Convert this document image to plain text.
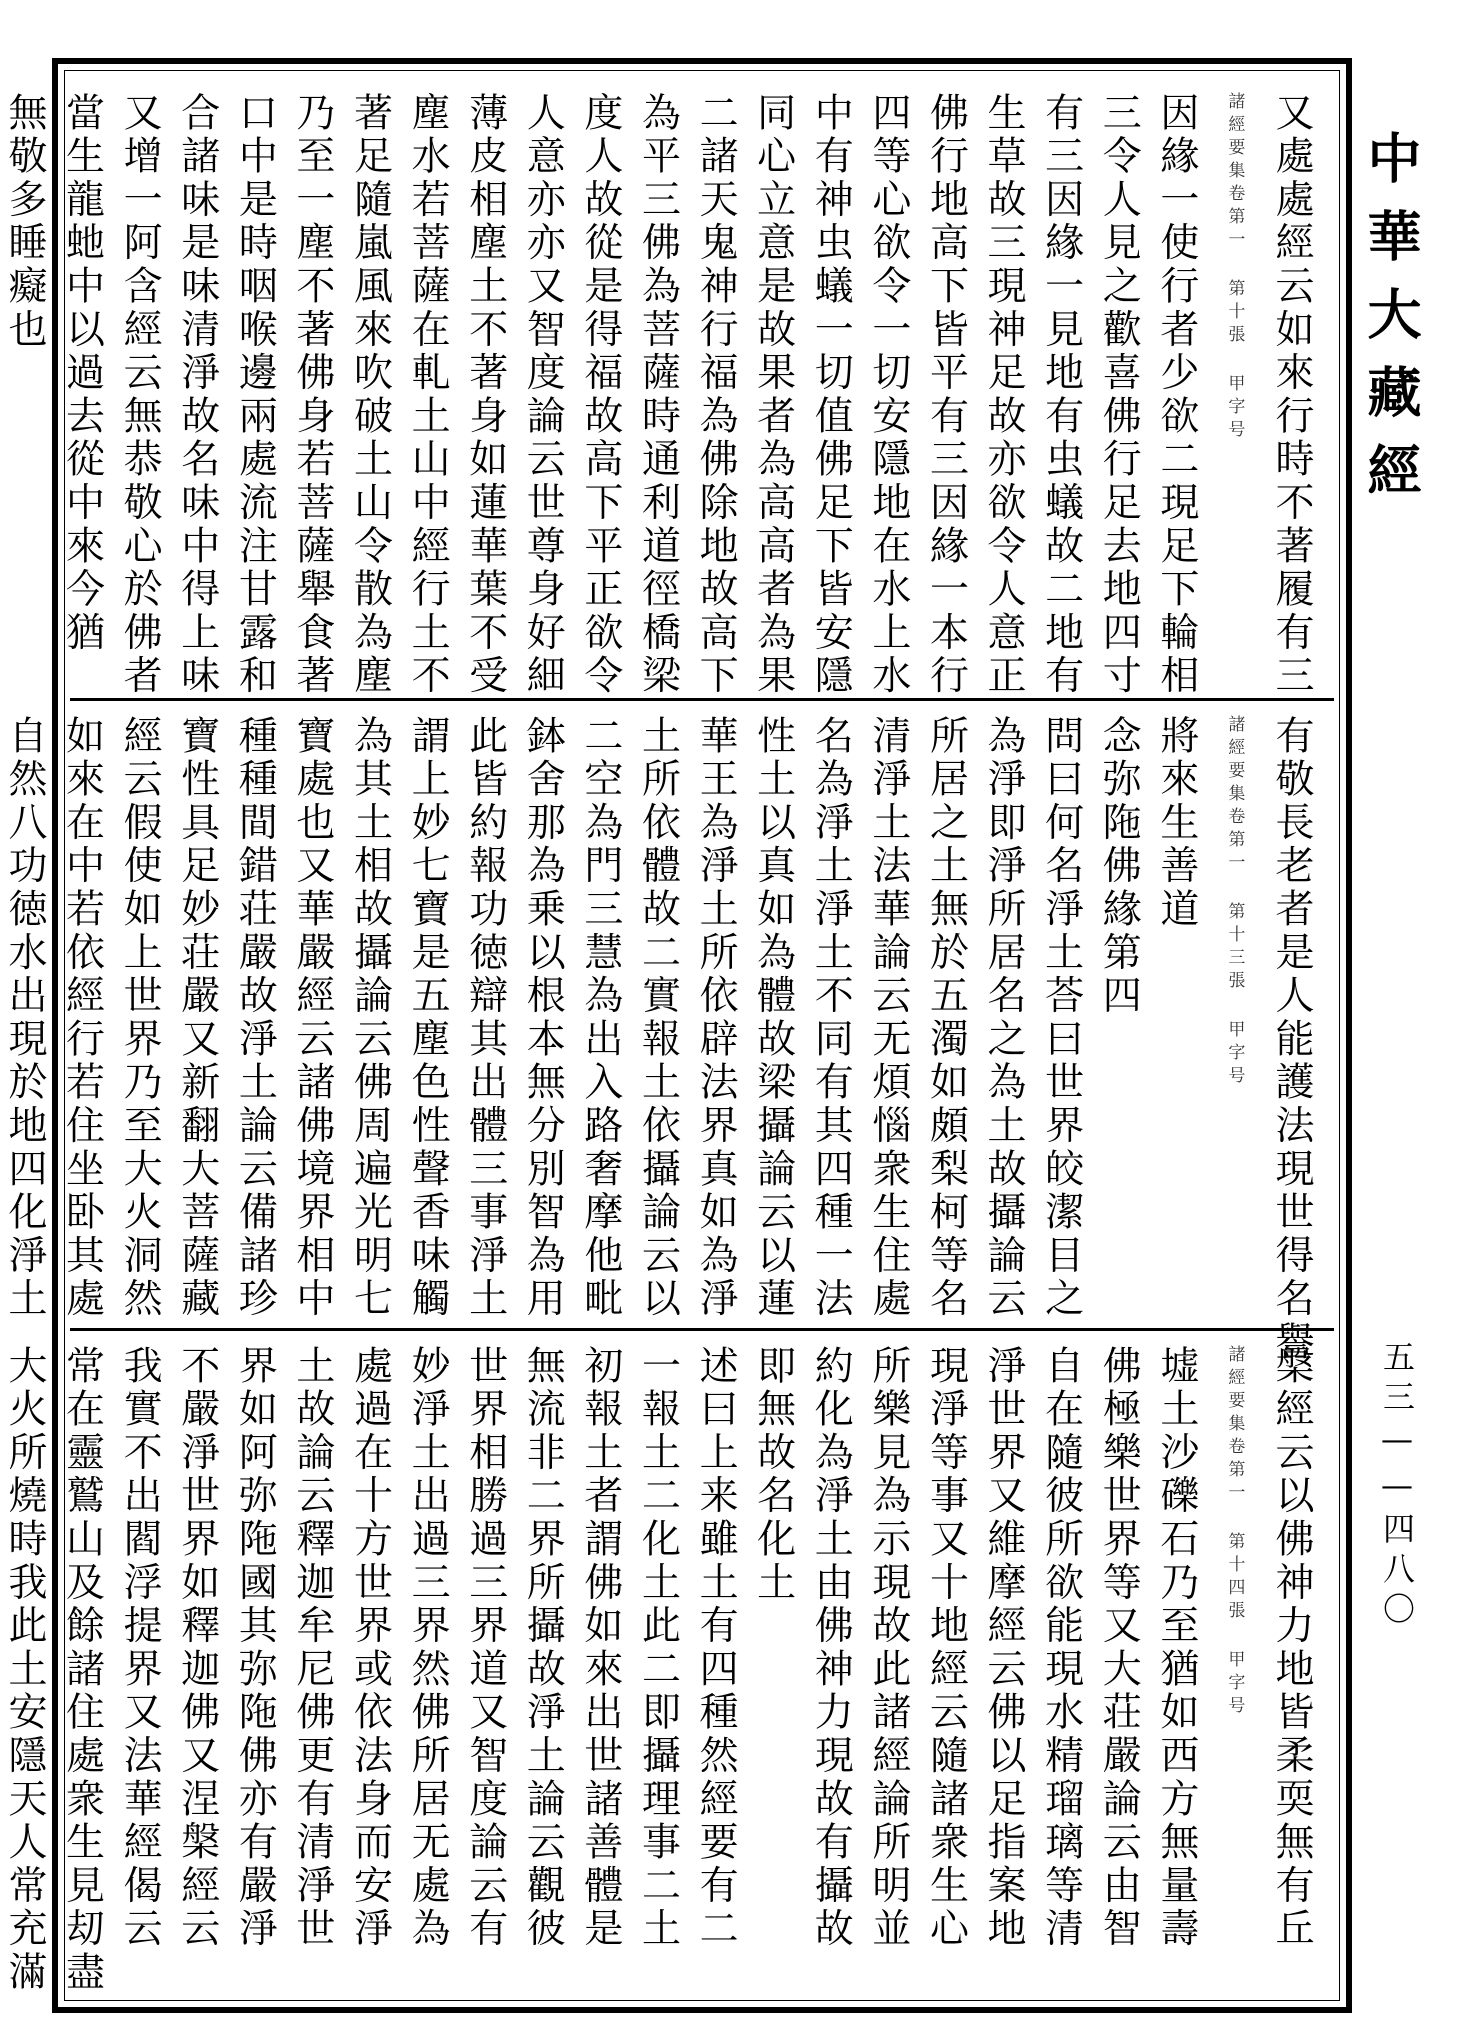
又處處經云如來行時不著履有三
諸經要集卷第一 第十張 甲字号
因緣一使行者少欲二現足下輪相
三令人見之歡喜佛行足去地四寸
有三因緣一見地有虫蟻故二地有
生草故三現神足故亦欲令人意正
佛行地高下皆平有三因緣一本行
四等心欲令一切安隱地在水上水
中有神虫蟻一切值佛足下皆安隱
同心立意是故果者為高高者為果
二諸天鬼神行福為佛除地故高下
為平三佛為菩薩時通利道徑橋梁
度人故從是得福故高下平正欲令
人意亦亦又智度論云世尊身好細
薄皮相塵土不著身如蓮華葉不受
塵水若菩薩在軋土山中經行土不
著足隨嵐風來吹破土山令散為塵
乃至一塵不著佛身若菩薩舉食著
口中是時咽喉邊兩處流注甘露和
合諸味是味清淨故名味中得上味
又增一阿含經云無恭敬心於佛者
當生龍虵中以過去從中來今猶
無敬多睡癡也
有敬長老者是人能護法現世得名譽
諸經要集卷第一 第十三張 甲字号
將來生善道
念弥陁佛緣第四
問曰何名淨土荅曰世界皎潔目之
為淨即淨所居名之為土故攝論云
所居之土無於五濁如頗梨柯等名
清淨土法華論云无煩惱衆生住處
名為淨土淨土不同有其四種一法
性土以真如為體故梁攝論云以蓮
華王為淨土所依辟法界真如為淨
土所依體故二實報土依攝論云以
二空為門三慧為出入路奢摩他毗
鉢舍那為乗以根本無分別智為用
此皆約報功徳辯其出體三事淨土
謂上妙七寶是五塵色性聲香味觸
為其土相故攝論云佛周遍光明七
寶處也又華嚴經云諸佛境界相中
種種間錯荘嚴故淨土論云備諸珍
寶性具足妙荘嚴又新翻大菩薩藏
經云假使如上世界乃至大火洞然
如來在中若依經行若住坐卧其處
自然八功徳水出現於地四化淨土
槃經云以佛神力地皆柔耎無有丘
諸經要集卷第一 第十四張 甲字号
墟土沙礫石乃至猶如西方無量壽
佛極樂世界等又大荘嚴論云由智
自在隨彼所欲能現水精瑠璃等清
淨世界又維摩經云佛以足指案地
現淨等事又十地經云隨諸衆生心
所樂見為示現故此諸經論所明並
約化為淨土由佛神力現故有攝故
即無故名化土
述曰上来雖土有四種然經要有二
一報土二化土此二即攝理事二土
初報土者謂佛如來出世諸善體是
無流非二界所攝故淨土論云觀彼
世界相勝過三界道又智度論云有
妙淨土出過三界然佛所居无處為
處過在十方世界或依法身而安淨
土故論云釋迦牟尼佛更有清淨世
界如阿弥陁國其弥陁佛亦有嚴淨
不嚴淨世界如釋迦佛又涅槃經云
我實不出閻浮提界又法華經偈云
常在靈鷲山及餘諸住處衆生見刧盡
大火所燒時我此土安隱天人常充滿
中華大藏經
五三——四八〇
